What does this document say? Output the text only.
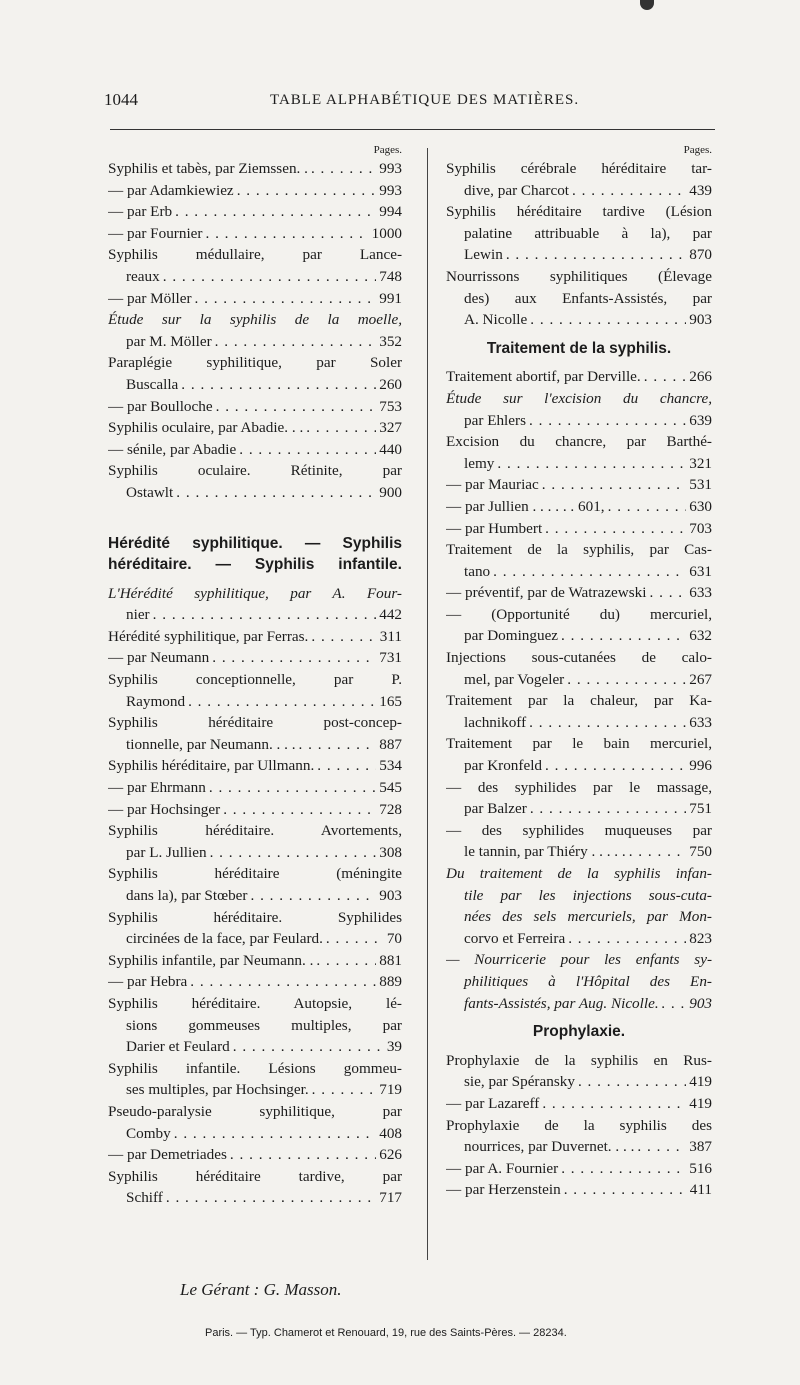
1044	TABLE ALPHABÉTIQUE DES MATIÈRES.
Pages.
Syphilis et tabès, par Ziemssen. . . . .	993
— par Adamkiewiez . . .	993
— par Erb . . .	994
— par Fournier . . .	1000
Syphilis médullaire, par Lance-
reaux . . .	748
— par Möller . . .	991
Étude sur la syphilis de la moelle,
par M. Möller . . .	352
Paraplégie syphilitique, par Soler
Buscalla . . .	260
— par Boulloche . . .	753
Syphilis oculaire, par Abadie. . . . . .	327
— sénile, par Abadie . . .	440
Syphilis oculaire. Rétinite, par
Ostawlt . . .	900
Hérédité syphilitique. — Syphilis
héréditaire. — Syphilis infantile.
L'Hérédité syphilitique, par A. Four-
nier . . .	442
Hérédité syphilitique, par Ferras. . . .	311
— par Neumann . . .	731
Syphilis conceptionnelle, par P.
Raymond . . .	165
Syphilis héréditaire post-concep-
tionnelle, par Neumann. . . . . . .	887
Syphilis héréditaire, par Ullmann. . . .	534
— par Ehrmann . . .	545
— par Hochsinger . . .	728
Syphilis héréditaire. Avortements,
par L. Jullien . . .	308
Syphilis héréditaire (méningite
dans la), par Stœber . . .	903
Syphilis héréditaire. Syphilides
circinées de la face, par Feulard. . . .	70
Syphilis infantile, par Neumann. . . . .	881
— par Hebra . . .	889
Syphilis héréditaire. Autopsie, lé-
sions gommeuses multiples, par
Darier et Feulard . . .	39
Syphilis infantile. Lésions gommeu-
ses multiples, par Hochsinger. . . .	719
Pseudo-paralysie syphilitique, par
Comby . . .	408
— par Demetriades . . .	626
Syphilis héréditaire tardive, par
Schiff . . .	717
Pages.
Syphilis cérébrale héréditaire tar-
dive, par Charcot . . .	439
Syphilis héréditaire tardive (Lésion
palatine attribuable à la), par
Lewin . . .	870
Nourrissons syphilitiques (Élevage
des) aux Enfants-Assistés, par
A. Nicolle . . .	903
Traitement de la syphilis.
Traitement abortif, par Derville. . . .	266
Étude sur l'excision du chancre,
par Ehlers . . .	639
Excision du chancre, par Barthé-
lemy . . .	321
— par Mauriac . . .	531
— par Jullien . . . . . . 601, . . .	630
— par Humbert . . .	703
Traitement de la syphilis, par Cas-
tano . . .	631
— préventif, par de Watrazewski . . .	633
— (Opportunité du) mercuriel,
par Dominguez . . .	632
Injections sous-cutanées de calo-
mel, par Vogeler . . .	267
Traitement par la chaleur, par Ka-
lachnikoff . . .	633
Traitement par le bain mercuriel,
par Kronfeld . . .	996
— des syphilides par le massage,
par Balzer . . .	751
— des syphilides muqueuses par
le tannin, par Thiéry . . . . . . . .	750
Du traitement de la syphilis infan-
tile par les injections sous-cuta-
nées des sels mercuriels, par Mon-
corvo et Ferreira . . .	823
— Nourricerie pour les enfants sy-
philitiques à l'Hôpital des En-
fants-Assistés, par Aug. Nicolle. . . . 903
Prophylaxie.
Prophylaxie de la syphilis en Rus-
sie, par Spéransky . . .	419
— par Lazareff . . .	419
Prophylaxie de la syphilis des
nourrices, par Duvernet. . . . . . .	387
— par A. Fournier . . .	516
— par Herzenstein . . .	411
Le Gérant : G. Masson.
Paris. — Typ. Chamerot et Renouard, 19, rue des Saints-Pères. — 28234.
